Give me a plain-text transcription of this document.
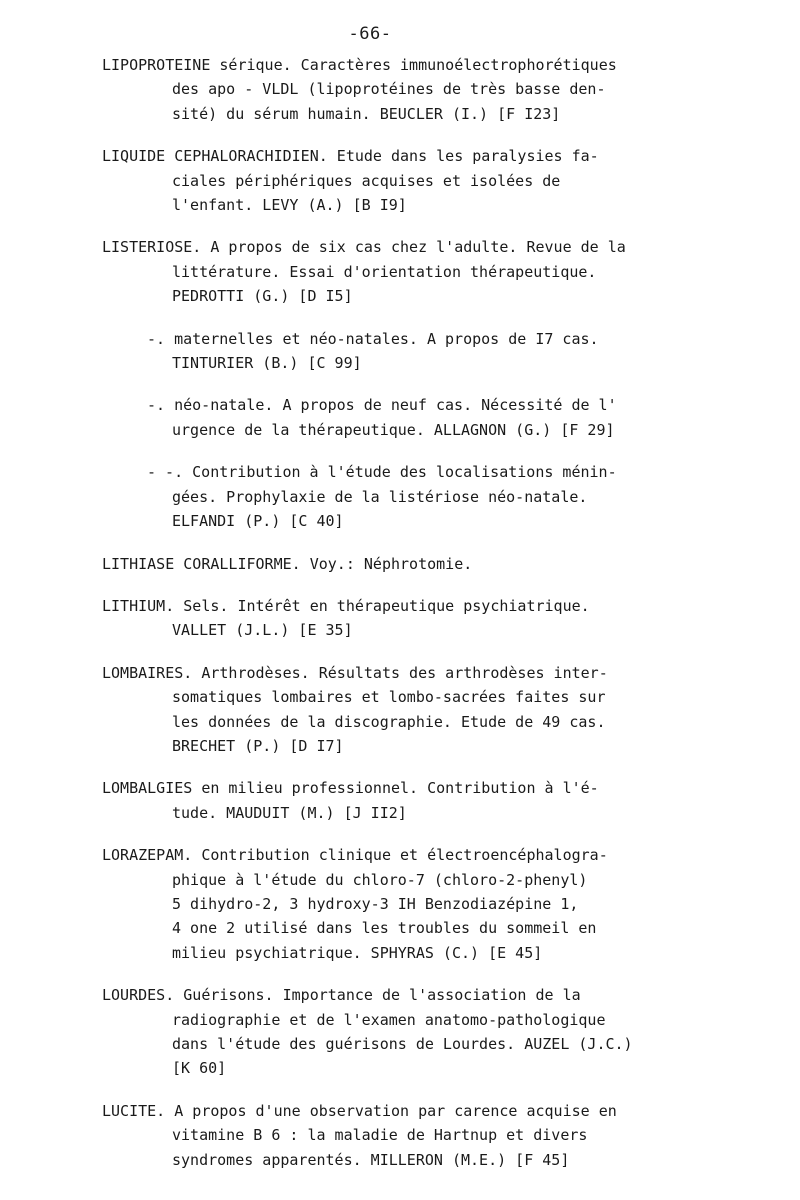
-66-
LIPOPROTEINE sérique. Caractères immunoélectrophorétiques
des apo - VLDL (lipoprotéines de très basse den-
sité) du sérum humain. BEUCLER (I.) [F I23]
LIQUIDE CEPHALORACHIDIEN. Etude dans les paralysies fa-
ciales périphériques acquises et isolées de
l'enfant. LEVY (A.) [B I9]
LISTERIOSE. A propos de six cas chez l'adulte. Revue de la
littérature. Essai d'orientation thérapeutique.
PEDROTTI (G.) [D I5]
-. maternelles et néo-natales. A propos de I7 cas.
TINTURIER (B.) [C 99]
-. néo-natale. A propos de neuf cas. Nécessité de l'
urgence de la thérapeutique. ALLAGNON (G.) [F 29]
- -. Contribution à l'étude des localisations ménin-
gées. Prophylaxie de la listériose néo-natale.
ELFANDI (P.) [C 40]
LITHIASE CORALLIFORME. Voy.: Néphrotomie.
LITHIUM. Sels. Intérêt en thérapeutique psychiatrique.
VALLET (J.L.) [E 35]
LOMBAIRES. Arthrodèses. Résultats des arthrodèses inter-
somatiques lombaires et lombo-sacrées faites sur
les données de la discographie. Etude de 49 cas.
BRECHET (P.) [D I7]
LOMBALGIES en milieu professionnel. Contribution à l'é-
tude. MAUDUIT (M.) [J II2]
LORAZEPAM. Contribution clinique et électroencéphalogra-
phique à l'étude du chloro-7 (chloro-2-phenyl)
5 dihydro-2, 3 hydroxy-3 IH Benzodiazépine 1,
4 one 2 utilisé dans les troubles du sommeil en
milieu psychiatrique. SPHYRAS (C.) [E 45]
LOURDES. Guérisons. Importance de l'association de la
radiographie et de l'examen anatomo-pathologique
dans l'étude des guérisons de Lourdes. AUZEL (J.C.)
[K 60]
LUCITE. A propos d'une observation par carence acquise en
vitamine B 6 : la maladie de Hartnup et divers
syndromes apparentés. MILLERON (M.E.) [F 45]
